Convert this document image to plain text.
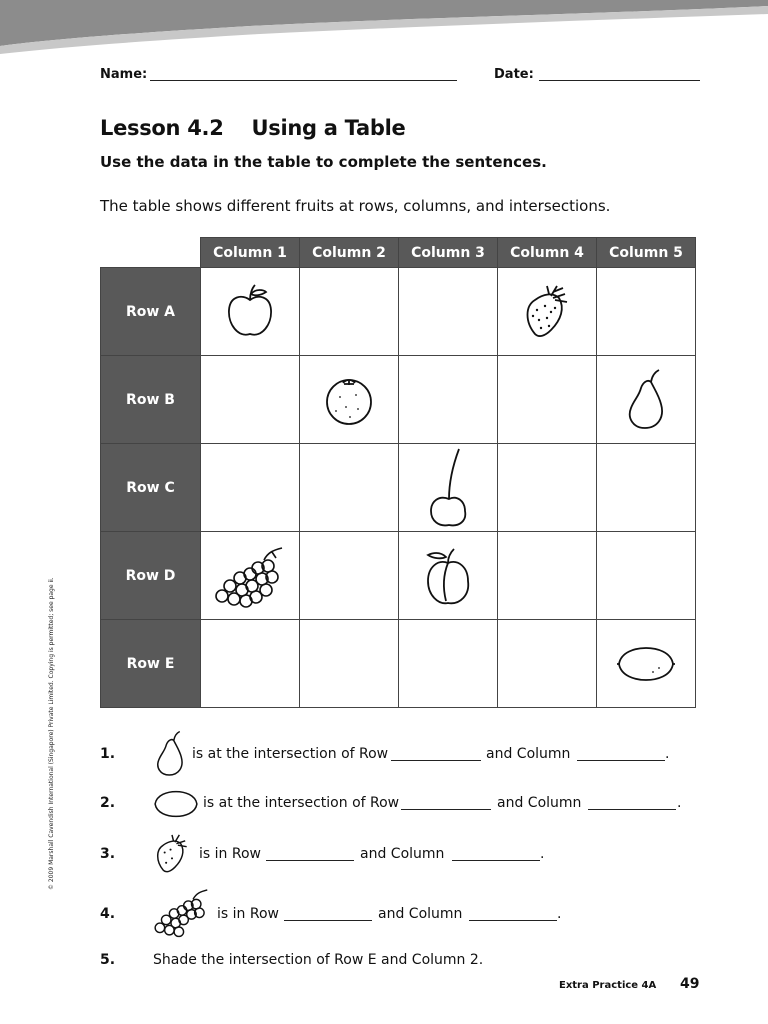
Name:	Date:
Lesson 4.2    Using a Table
Use the data in the table to complete the sentences.
The table shows different fruits at rows, columns, and intersections.
	Column 1	Column 2	Column 3	Column 4	Column 5
Row A					
Row B					
Row C					
Row D					
Row E					
1.	is at the intersection of Row	and Column	.
2.	is at the intersection of Row	and Column	.
3.	is in Row	and Column	.
4.	is in Row	and Column	.
5.	Shade the intersection of Row E and Column 2.
© 2009 Marshall Cavendish International (Singapore) Private Limited. Copying is permitted; see page ii.
Extra Practice 4A 49
